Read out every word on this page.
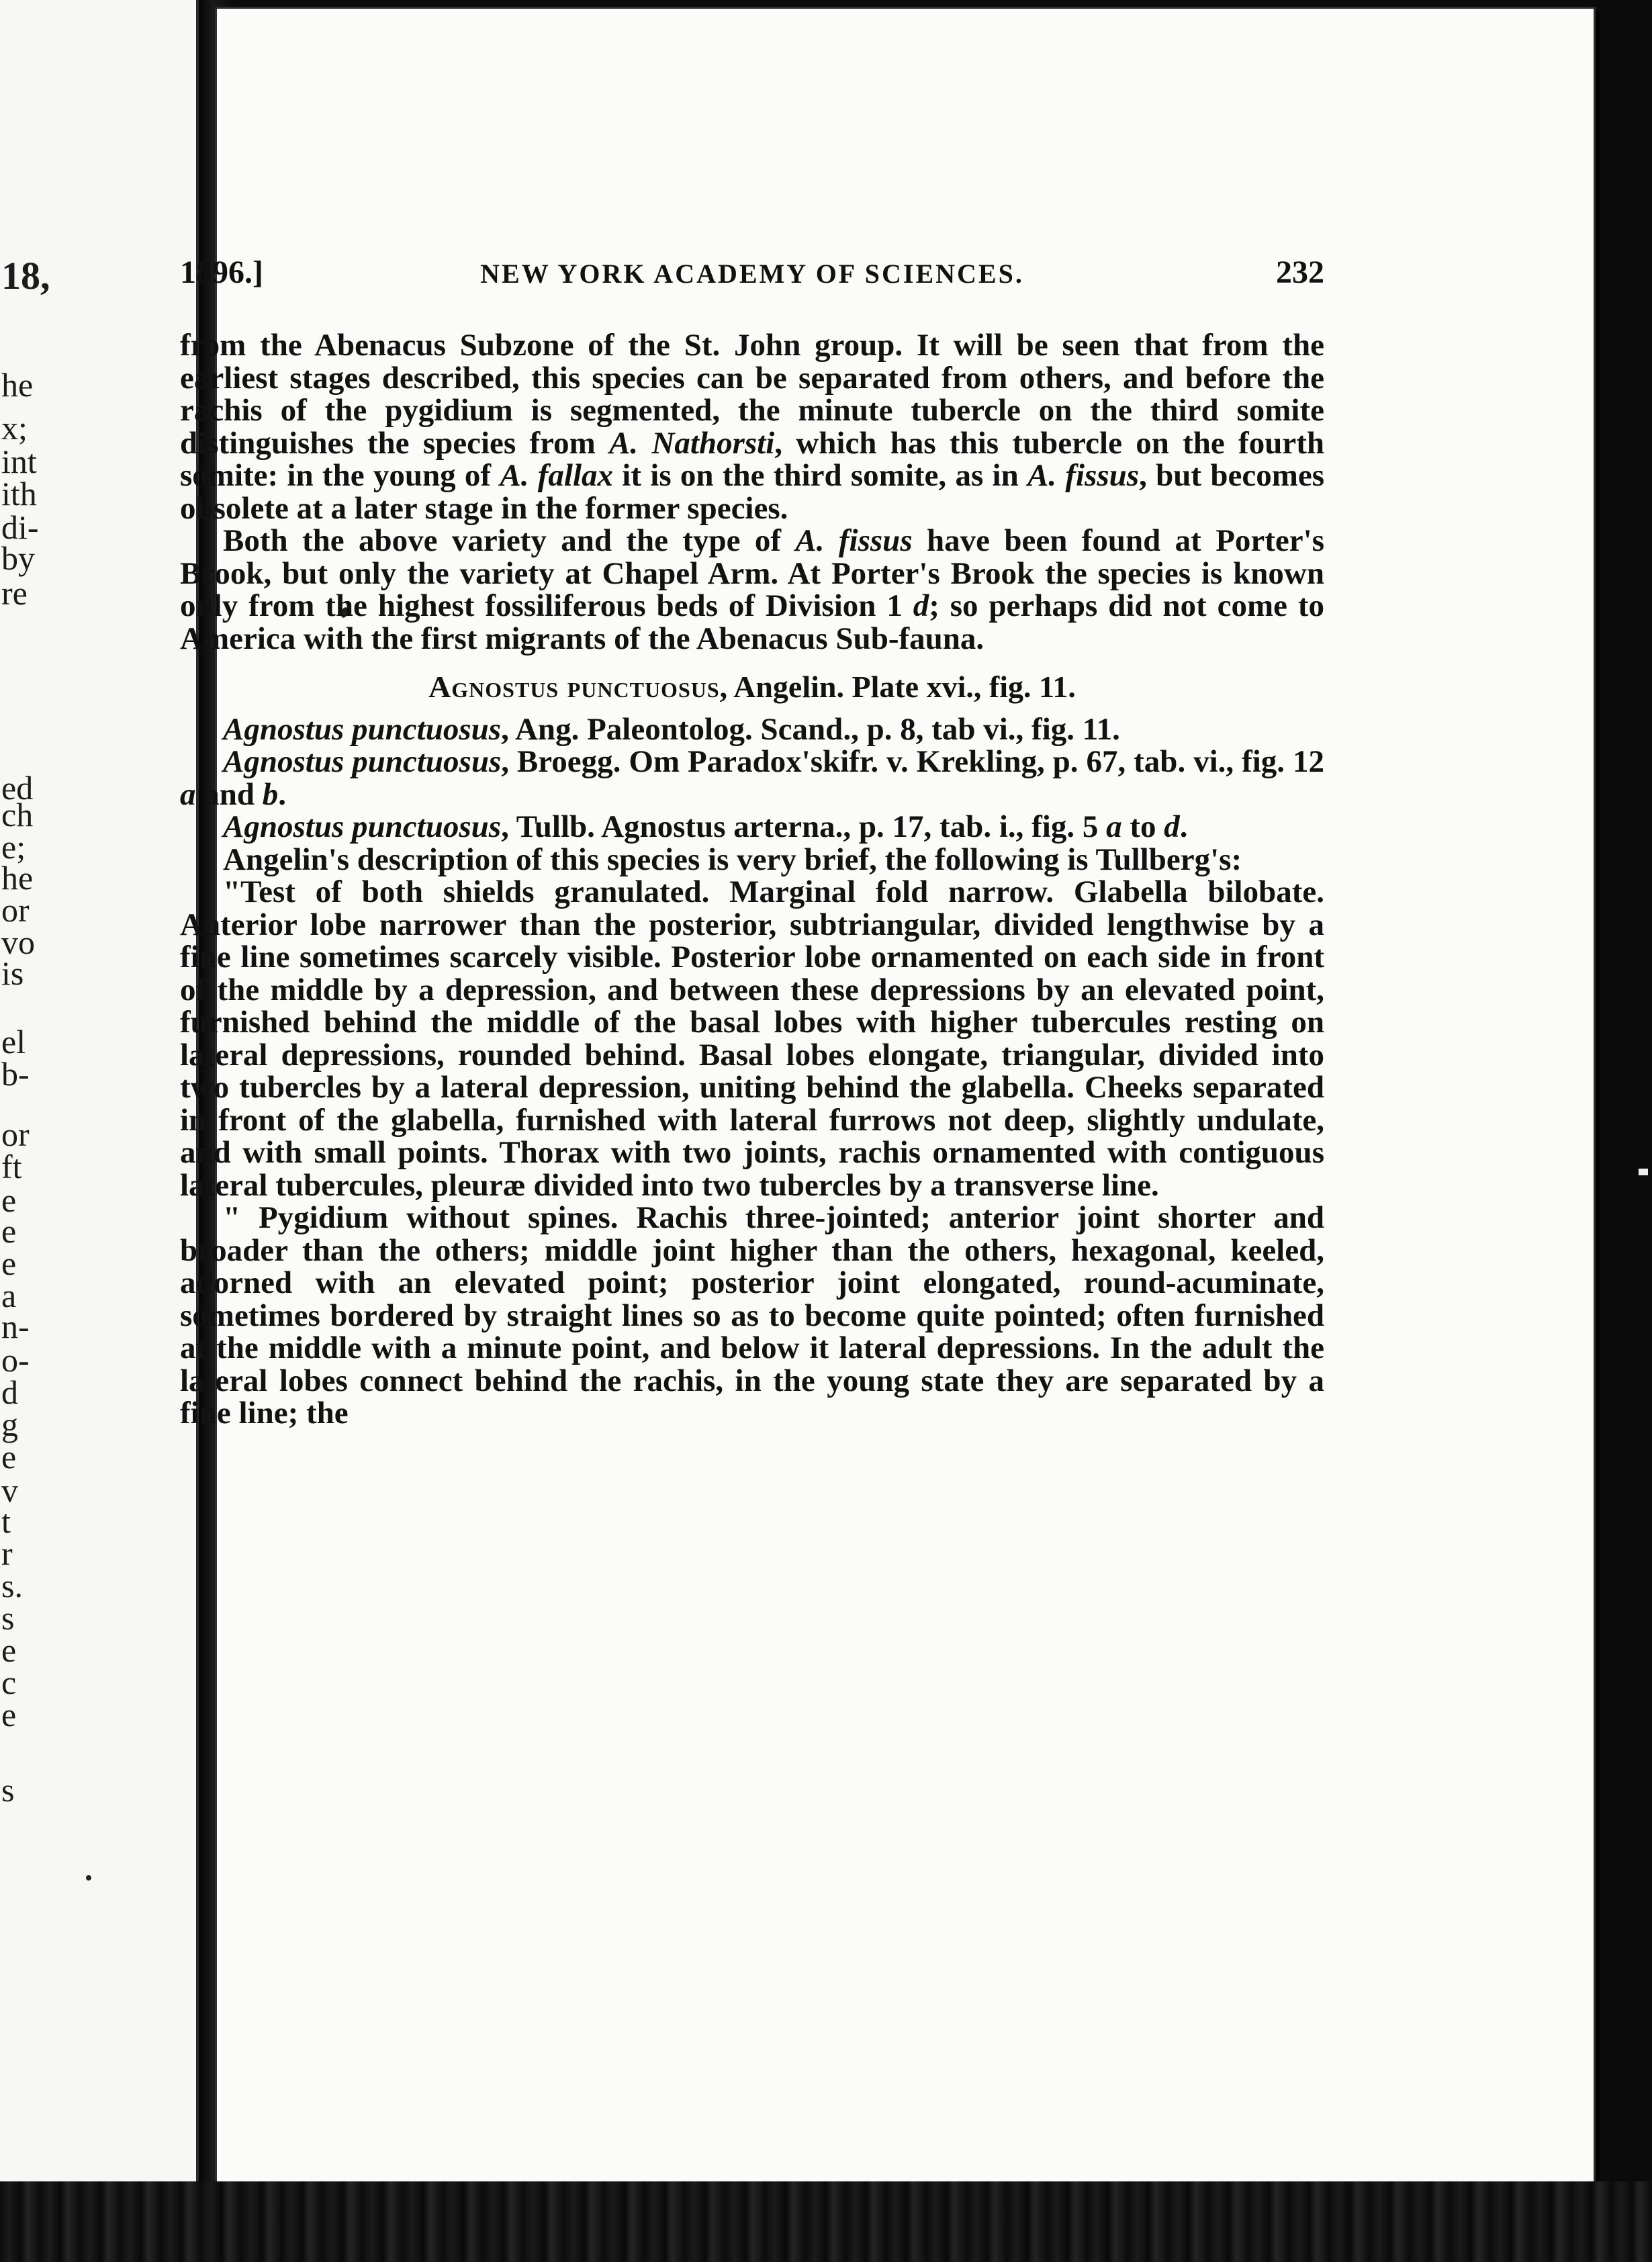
18,
he
x;
int
ith
di-
by
re
ed
ch
e;
he
or
vo
is
el
b-
or
ft
e
e
e
a
n-
o-
d
g
e
v
t
r
s.
s
e
c
e
s
1896.]	NEW YORK ACADEMY OF SCIENCES.	232

from the Abenacus Subzone of the St. John group. It will be seen that from the earliest stages described, this species can be separated from others, and before the rachis of the pygidium is segmented, the minute tubercle on the third somite distinguishes the species from A. Nathorsti, which has this tubercle on the fourth somite: in the young of A. fallax it is on the third somite, as in A. fissus, but becomes obsolete at a later stage in the former species.

Both the above variety and the type of A. fissus have been found at Porter's Brook, but only the variety at Chapel Arm. At Porter's Brook the species is known only from the highest fossiliferous beds of Division 1 d; so perhaps did not come to America with the first migrants of the Abenacus Sub-fauna.

Agnostus punctuosus, Angelin. Plate xvi., fig. 11.

Agnostus punctuosus, Ang. Paleontolog. Scand., p. 8, tab vi., fig. 11.

Agnostus punctuosus, Broegg. Om Paradox'skifr. v. Krekling, p. 67, tab. vi., fig. 12 a and b.

Agnostus punctuosus, Tullb. Agnostus arterna., p. 17, tab. i., fig. 5 a to d.

Angelin's description of this species is very brief, the following is Tullberg's:

"Test of both shields granulated. Marginal fold narrow. Glabella bilobate. Anterior lobe narrower than the posterior, subtriangular, divided lengthwise by a fine line sometimes scarcely visible. Posterior lobe ornamented on each side in front of the middle by a depression, and between these depressions by an elevated point, furnished behind the middle of the basal lobes with higher tubercules resting on lateral depressions, rounded behind. Basal lobes elongate, triangular, divided into two tubercles by a lateral depression, uniting behind the glabella. Cheeks separated in front of the glabella, furnished with lateral furrows not deep, slightly undulate, and with small points. Thorax with two joints, rachis ornamented with contiguous lateral tubercules, pleuræ divided into two tubercles by a transverse line.

" Pygidium without spines. Rachis three-jointed; anterior joint shorter and broader than the others; middle joint higher than the others, hexagonal, keeled, adorned with an elevated point; posterior joint elongated, round-acuminate, sometimes bordered by straight lines so as to become quite pointed; often furnished at the middle with a minute point, and below it lateral depressions. In the adult the lateral lobes connect behind the rachis, in the young state they are separated by a fine line; the
